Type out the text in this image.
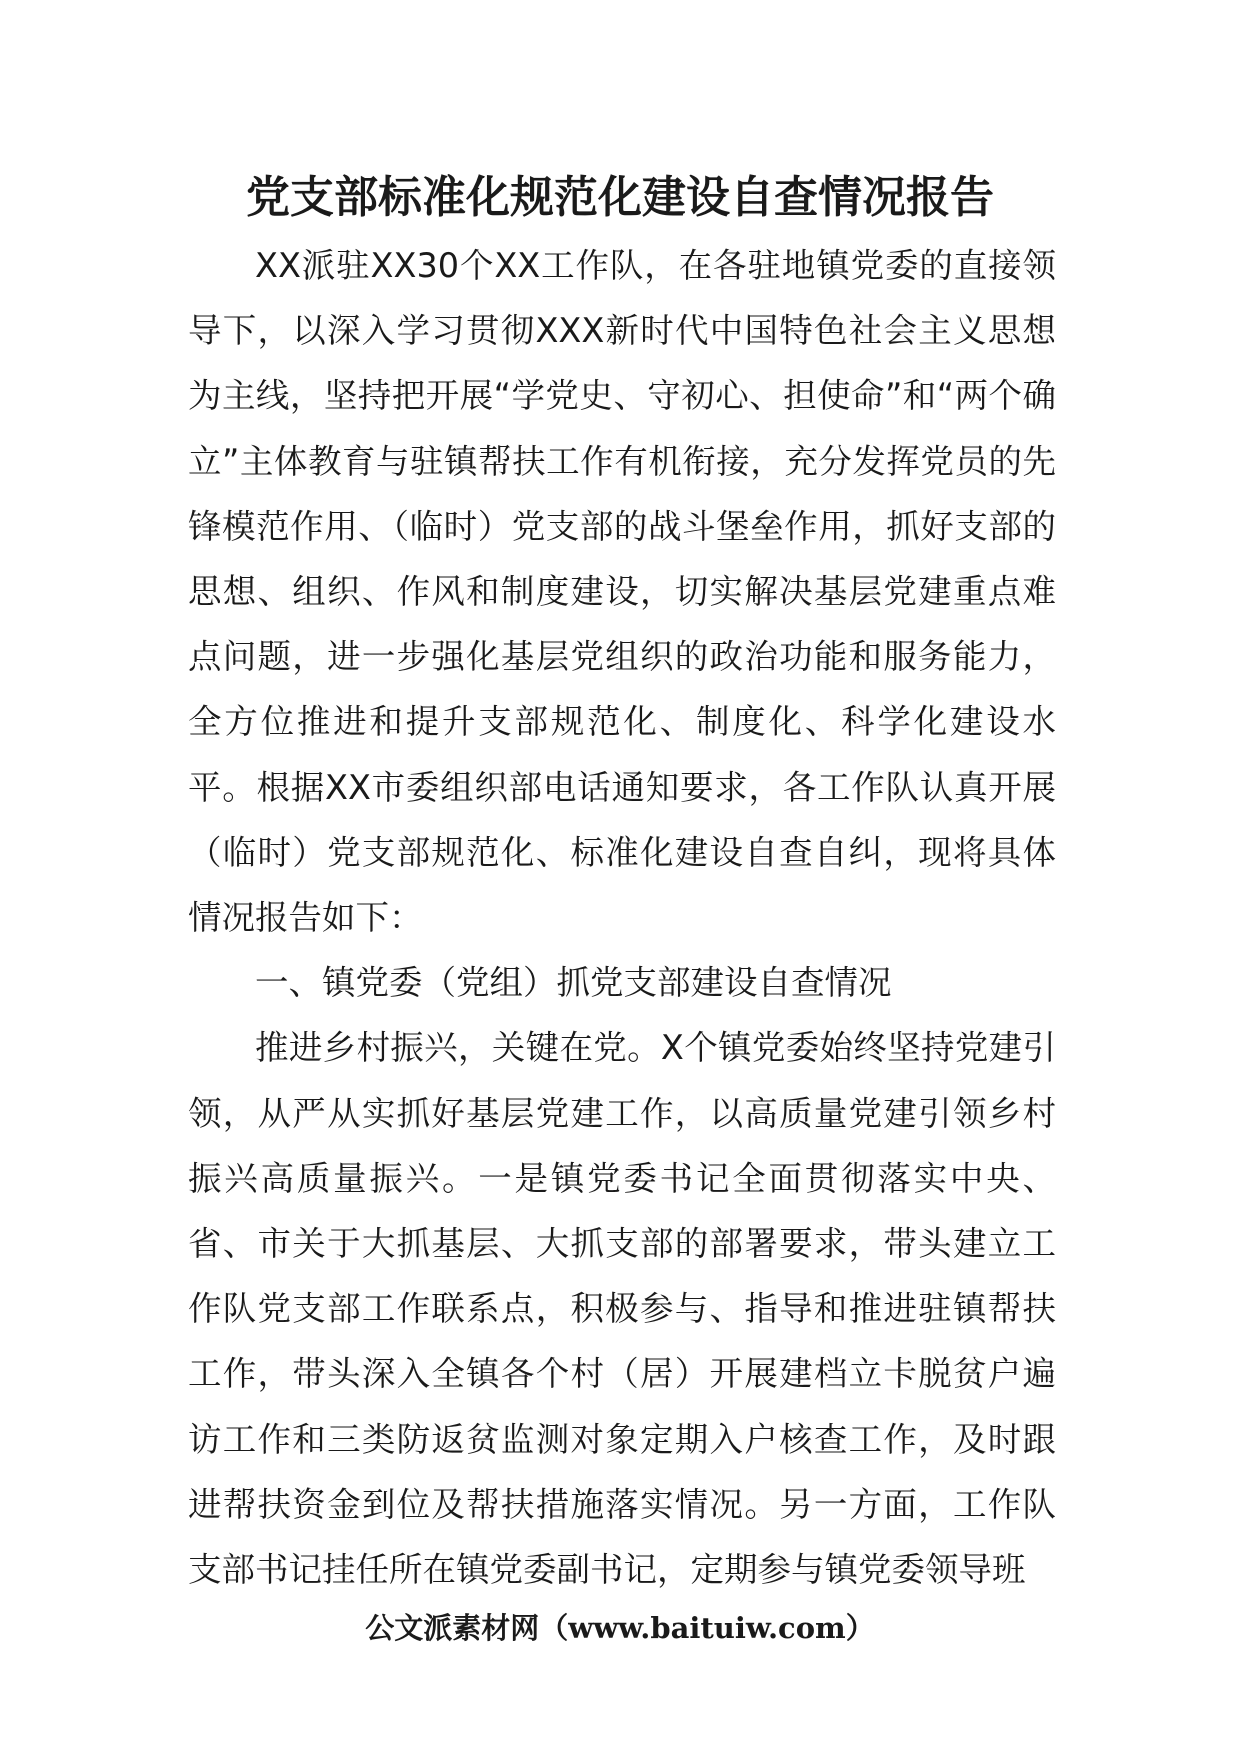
党支部标准化规范化建设自查情况报告

XX派驻XX30个XX工作队，在各驻地镇党委的直接领导下，以深入学习贯彻XXX新时代中国特色社会主义思想为主线，坚持把开展“学党史、守初心、担使命”和“两个确立”主体教育与驻镇帮扶工作有机衔接，充分发挥党员的先锋模范作用、（临时）党支部的战斗堡垒作用，抓好支部的思想、组织、作风和制度建设，切实解决基层党建重点难点问题，进一步强化基层党组织的政治功能和服务能力，全方位推进和提升支部规范化、制度化、科学化建设水平。根据XX市委组织部电话通知要求，各工作队认真开展（临时）党支部规范化、标准化建设自查自纠，现将具体情况报告如下：

一、镇党委（党组）抓党支部建设自查情况

推进乡村振兴，关键在党。X个镇党委始终坚持党建引领，从严从实抓好基层党建工作，以高质量党建引领乡村振兴高质量振兴。一是镇党委书记全面贯彻落实中央、省、市关于大抓基层、大抓支部的部署要求，带头建立工作队党支部工作联系点，积极参与、指导和推进驻镇帮扶工作，带头深入全镇各个村（居）开展建档立卡脱贫户遍访工作和三类防返贫监测对象定期入户核查工作，及时跟进帮扶资金到位及帮扶措施落实情况。另一方面，工作队支部书记挂任所在镇党委副书记，定期参与镇党委领导班

公文派素材网（www.baituiw.com）
